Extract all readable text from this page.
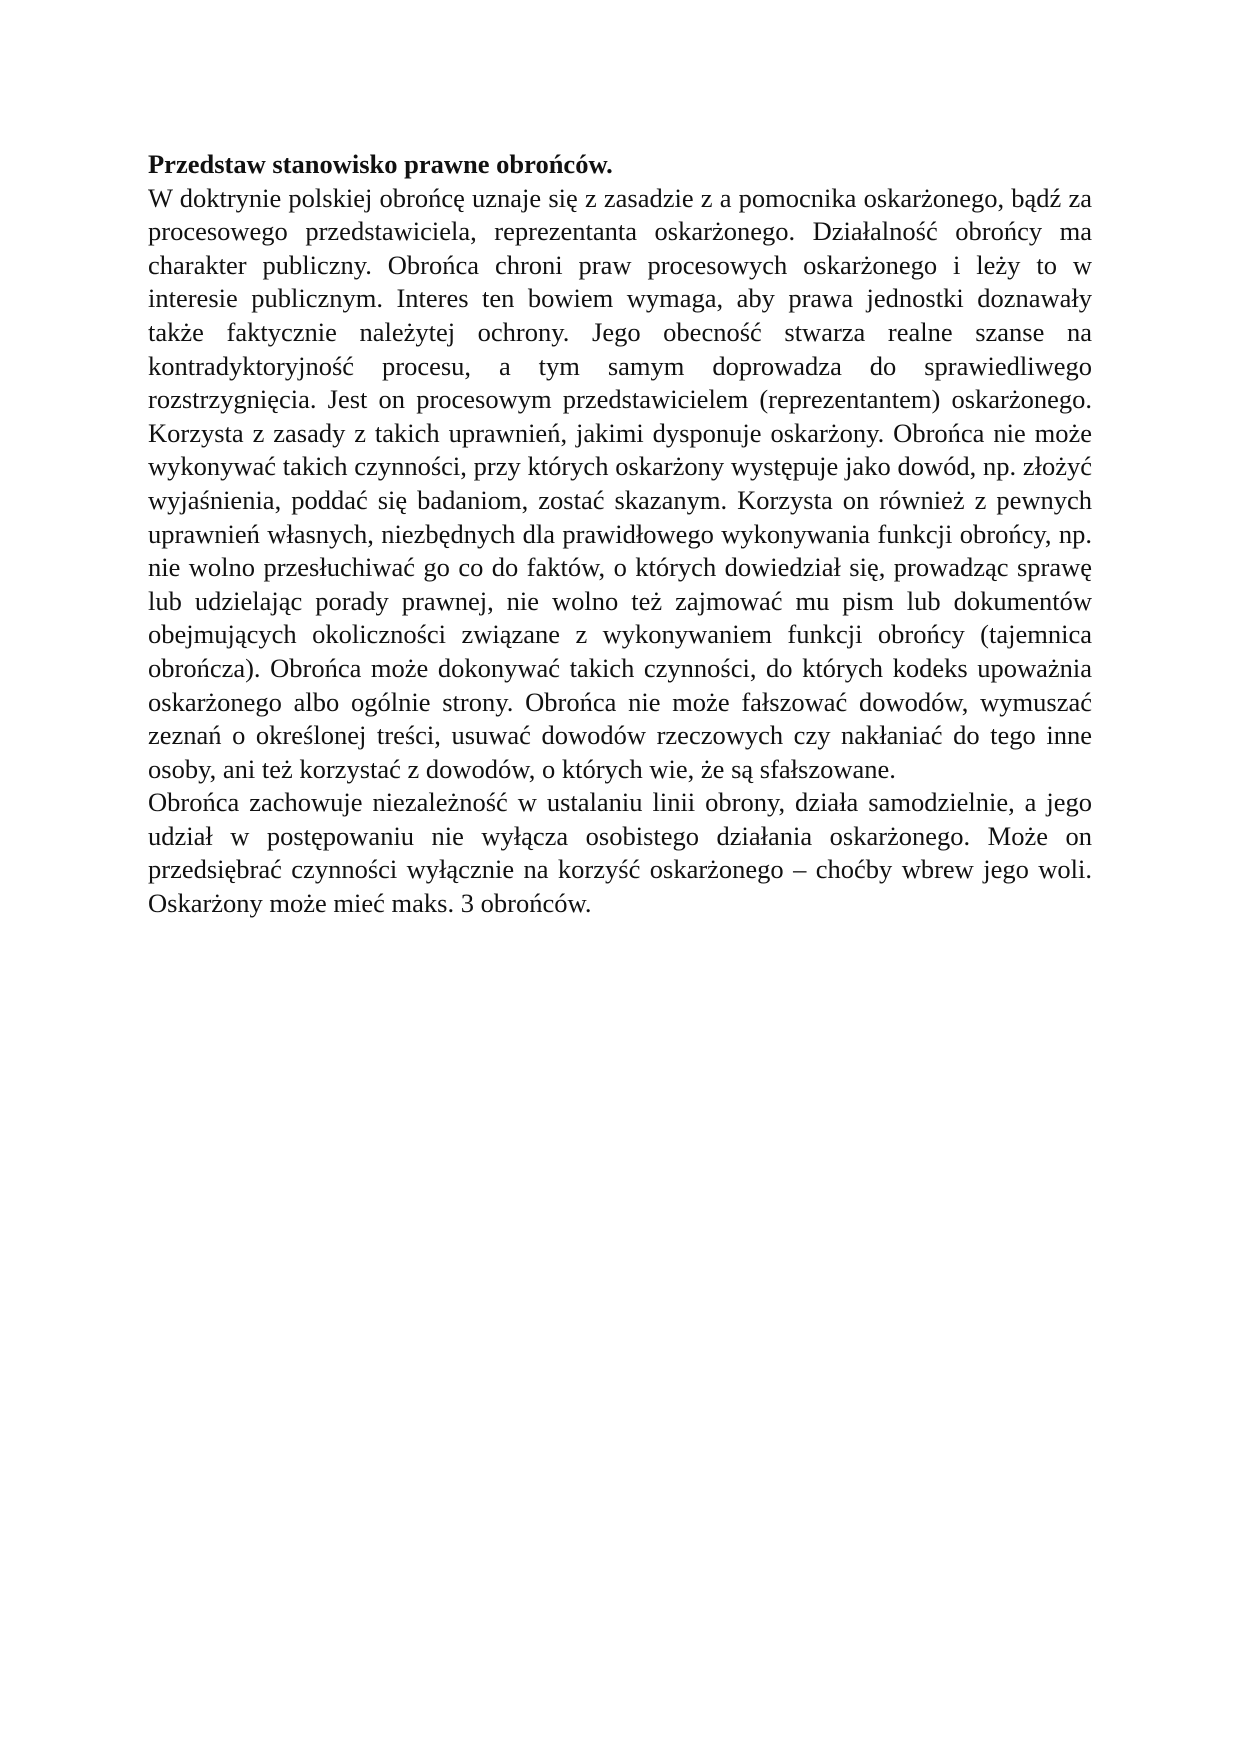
Przedstaw stanowisko prawne obrońców.

W doktrynie polskiej obrońcę uznaje się z zasadzie z a pomocnika oskarżonego, bądź za procesowego przedstawiciela, reprezentanta oskarżonego. Działalność obrońcy ma charakter publiczny. Obrońca chroni praw procesowych oskarżonego i leży to w interesie publicznym. Interes ten bowiem wymaga, aby prawa jednostki doznawały także faktycznie należytej ochrony. Jego obecność stwarza realne szanse na kontradyktoryjność procesu, a tym samym doprowadza do sprawiedliwego rozstrzygnięcia. Jest on procesowym przedstawicielem (reprezentantem) oskarżonego. Korzysta z zasady z takich uprawnień, jakimi dysponuje oskarżony. Obrońca nie może wykonywać takich czynności, przy których oskarżony występuje jako dowód, np. złożyć wyjaśnienia, poddać się badaniom, zostać skazanym. Korzysta on również z pewnych uprawnień własnych, niezbędnych dla prawidłowego wykonywania funkcji obrońcy, np. nie wolno przesłuchiwać go co do faktów, o których dowiedział się, prowadząc sprawę lub udzielając porady prawnej, nie wolno też zajmować mu pism lub dokumentów obejmujących okoliczności związane z wykonywaniem funkcji obrońcy (tajemnica obrończa). Obrońca może dokonywać takich czynności, do których kodeks upoważnia oskarżonego albo ogólnie strony. Obrońca nie może fałszować dowodów, wymuszać zeznań o określonej treści, usuwać dowodów rzeczowych czy nakłaniać do tego inne osoby, ani też korzystać z dowodów, o których wie, że są sfałszowane.

Obrońca zachowuje niezależność w ustalaniu linii obrony, działa samodzielnie, a jego udział w postępowaniu nie wyłącza osobistego działania oskarżonego. Może on przedsiębrać czynności wyłącznie na korzyść oskarżonego – choćby wbrew jego woli. Oskarżony może mieć maks. 3 obrońców.
